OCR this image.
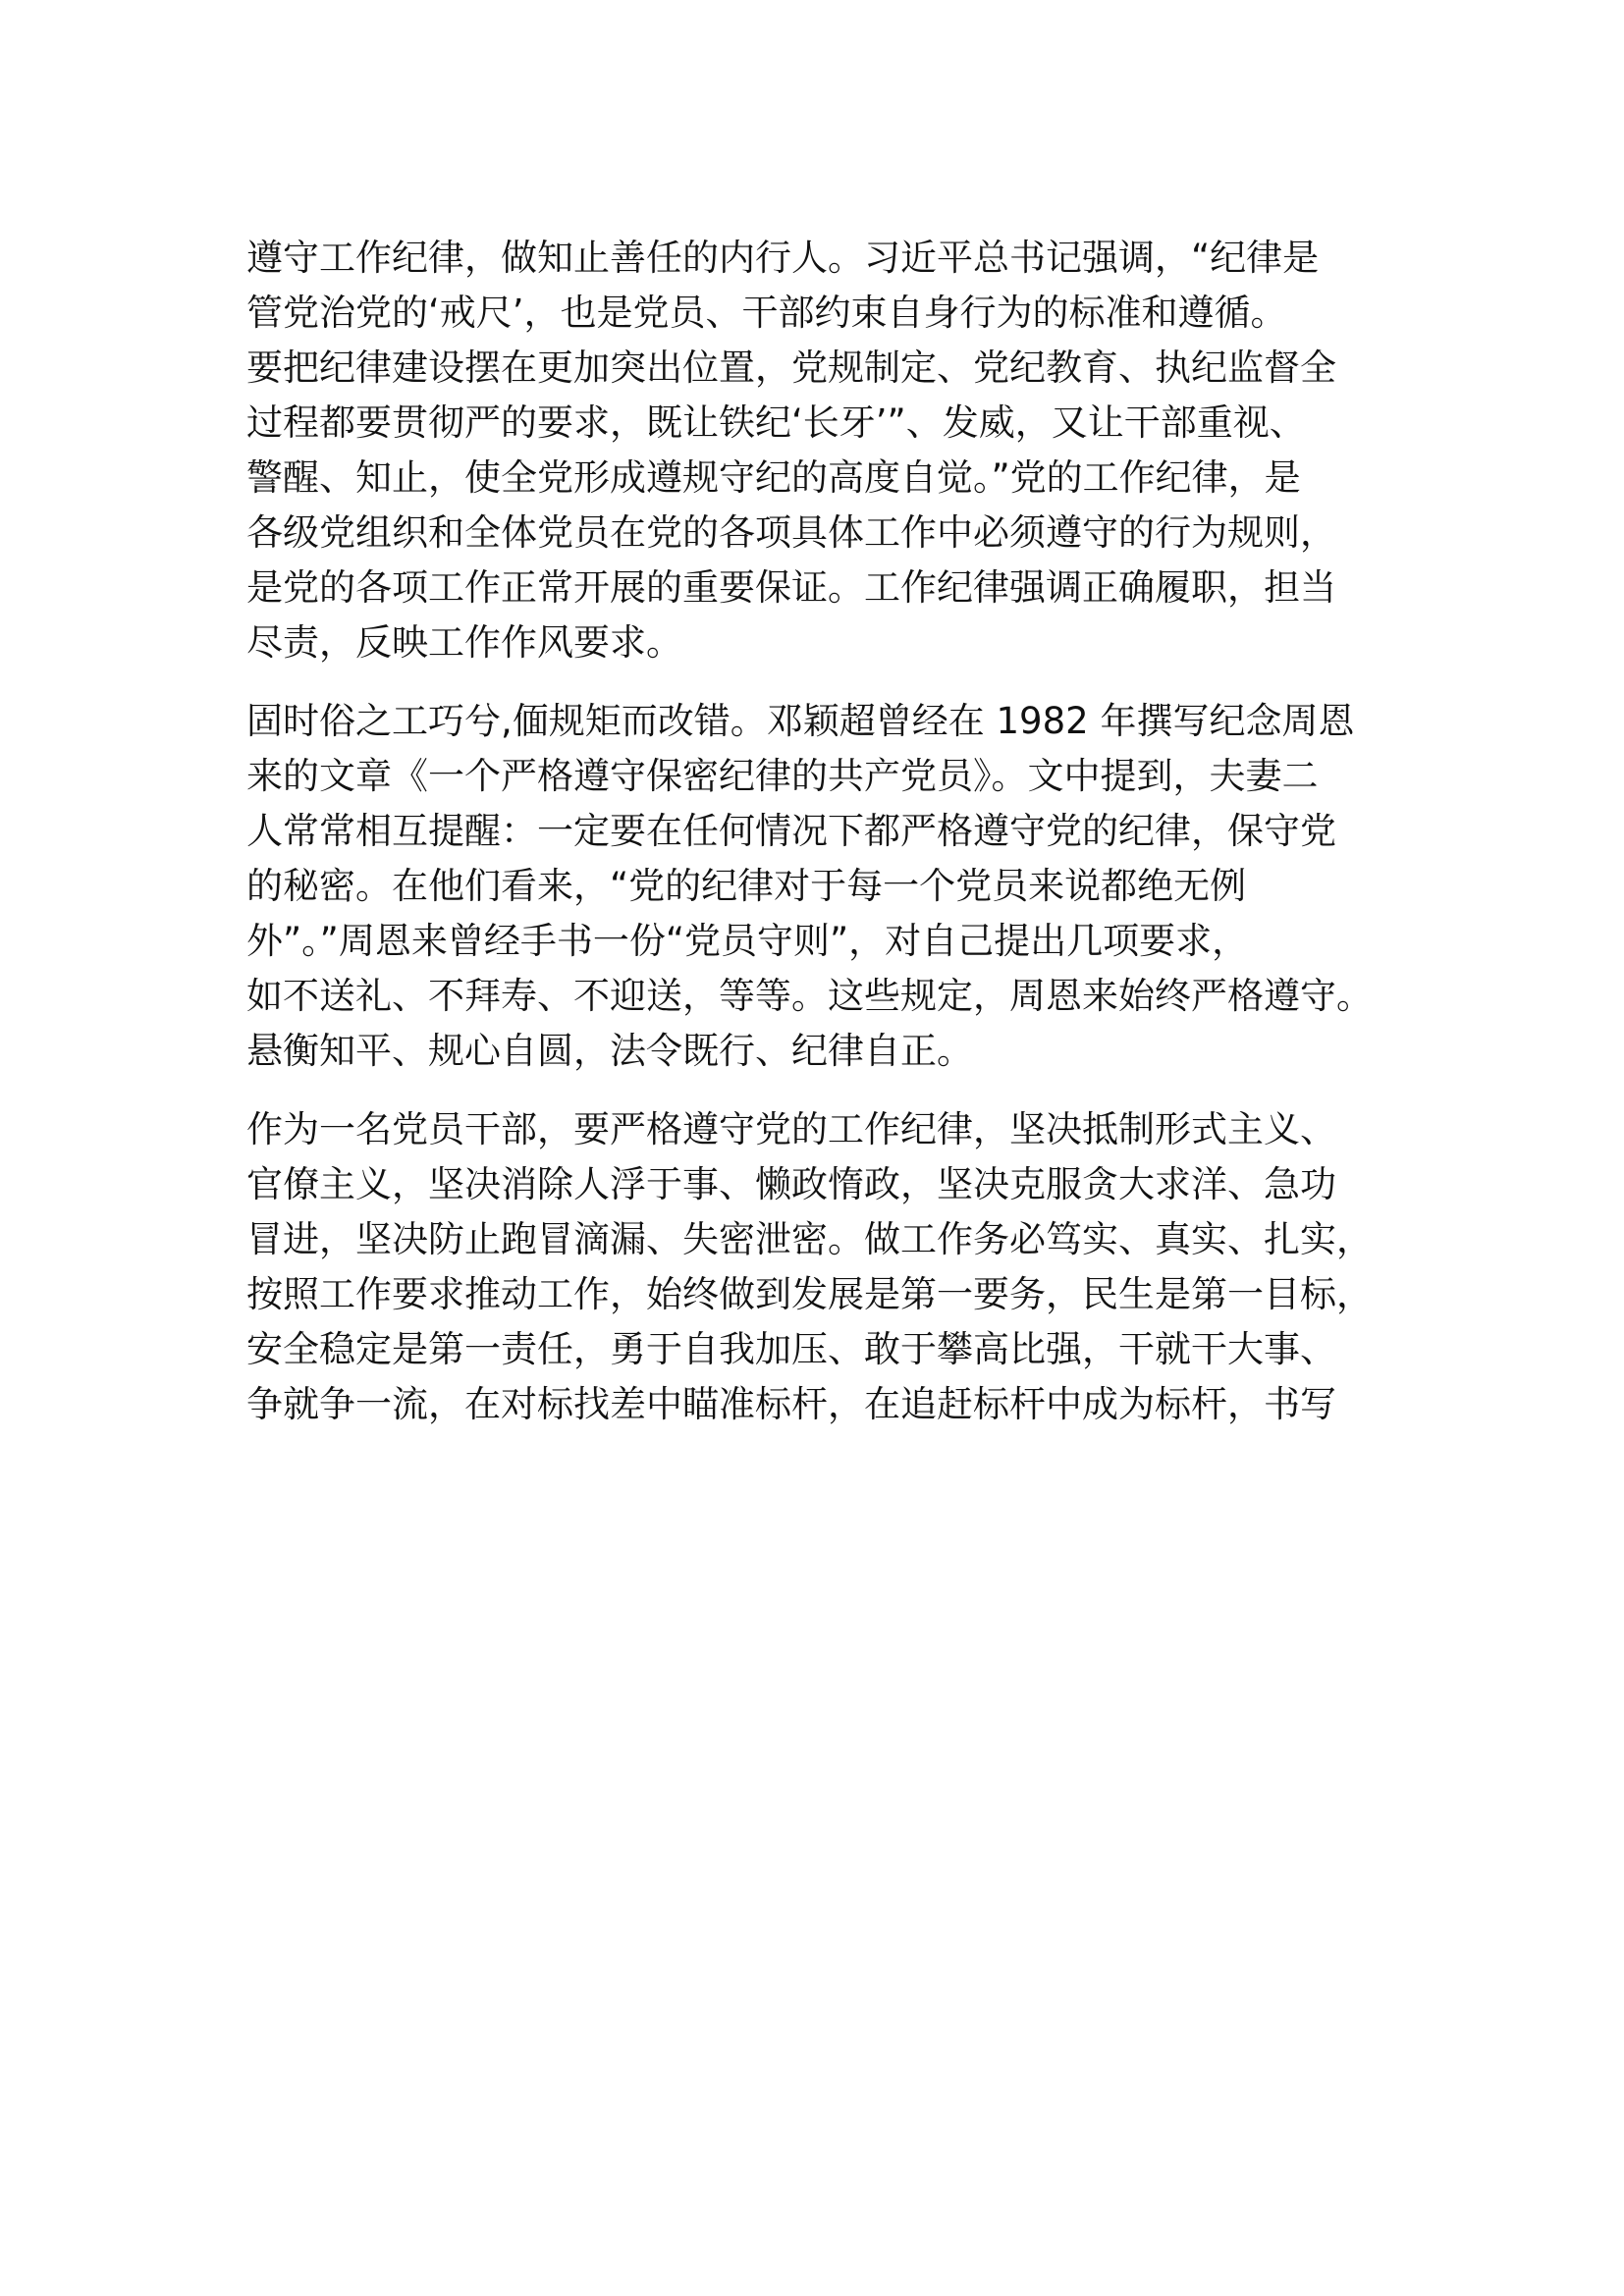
遵守工作纪律，做知止善任的内行人。习近平总书记强调，“纪律是
管党治党的‘戒尺’，也是党员、干部约束自身行为的标准和遵循。
要把纪律建设摆在更加突出位置，党规制定、党纪教育、执纪监督全
过程都要贯彻严的要求，既让铁纪‘长牙’”、发威，又让干部重视、
警醒、知止，使全党形成遵规守纪的高度自觉。”党的工作纪律，是
各级党组织和全体党员在党的各项具体工作中必须遵守的行为规则，
是党的各项工作正常开展的重要保证。工作纪律强调正确履职，担当
尽责，反映工作作风要求。

固时俗之工巧兮,偭规矩而改错。邓颖超曾经在 1982 年撰写纪念周恩
来的文章《一个严格遵守保密纪律的共产党员》。文中提到，夫妻二
人常常相互提醒：一定要在任何情况下都严格遵守党的纪律，保守党
的秘密。在他们看来，“党的纪律对于每一个党员来说都绝无例
外”。”周恩来曾经手书一份“党员守则”，对自己提出几项要求，
如不送礼、不拜寿、不迎送，等等。这些规定，周恩来始终严格遵守。
悬衡知平、规心自圆，法令既行、纪律自正。

作为一名党员干部，要严格遵守党的工作纪律，坚决抵制形式主义、
官僚主义，坚决消除人浮于事、懒政惰政，坚决克服贪大求洋、急功
冒进，坚决防止跑冒滴漏、失密泄密。做工作务必笃实、真实、扎实，
按照工作要求推动工作，始终做到发展是第一要务，民生是第一目标，
安全稳定是第一责任，勇于自我加压、敢于攀高比强，干就干大事、
争就争一流，在对标找差中瞄准标杆，在追赶标杆中成为标杆，书写
